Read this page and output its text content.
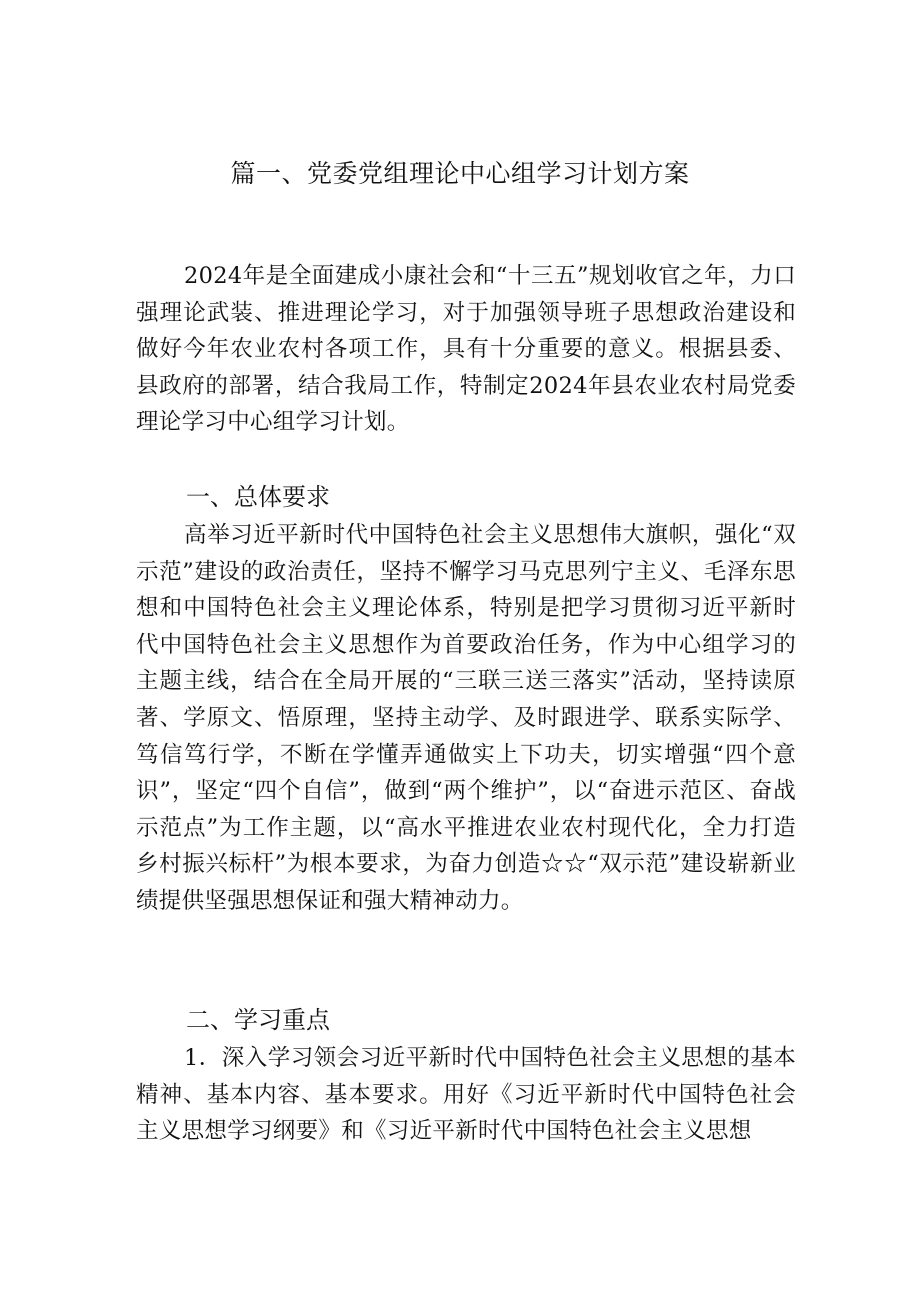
篇一、党委党组理论中心组学习计划方案

2024年是全面建成小康社会和“十三五”规划收官之年，力口强理论武装、推进理论学习，对于加强领导班子思想政治建设和做好今年农业农村各项工作，具有十分重要的意义。根据县委、县政府的部署，结合我局工作，特制定2024年县农业农村局党委理论学习中心组学习计划。

一、总体要求

高举习近平新时代中国特色社会主义思想伟大旗帜，强化“双示范”建设的政治责任，坚持不懈学习马克思列宁主义、毛泽东思想和中国特色社会主义理论体系，特别是把学习贯彻习近平新时代中国特色社会主义思想作为首要政治任务，作为中心组学习的主题主线，结合在全局开展的“三联三送三落实”活动，坚持读原著、学原文、悟原理，坚持主动学、及时跟进学、联系实际学、笃信笃行学，不断在学懂弄通做实上下功夫，切实增强“四个意识”，坚定“四个自信”，做到“两个维护”，以“奋进示范区、奋战示范点”为工作主题，以“高水平推进农业农村现代化，全力打造乡村振兴标杆”为根本要求，为奋力创造☆☆“双示范”建设崭新业绩提供坚强思想保证和强大精神动力。

二、学习重点

1．深入学习领会习近平新时代中国特色社会主义思想的基本精神、基本内容、基本要求。用好《习近平新时代中国特色社会主义思想学习纲要》和《习近平新时代中国特色社会主义思想
